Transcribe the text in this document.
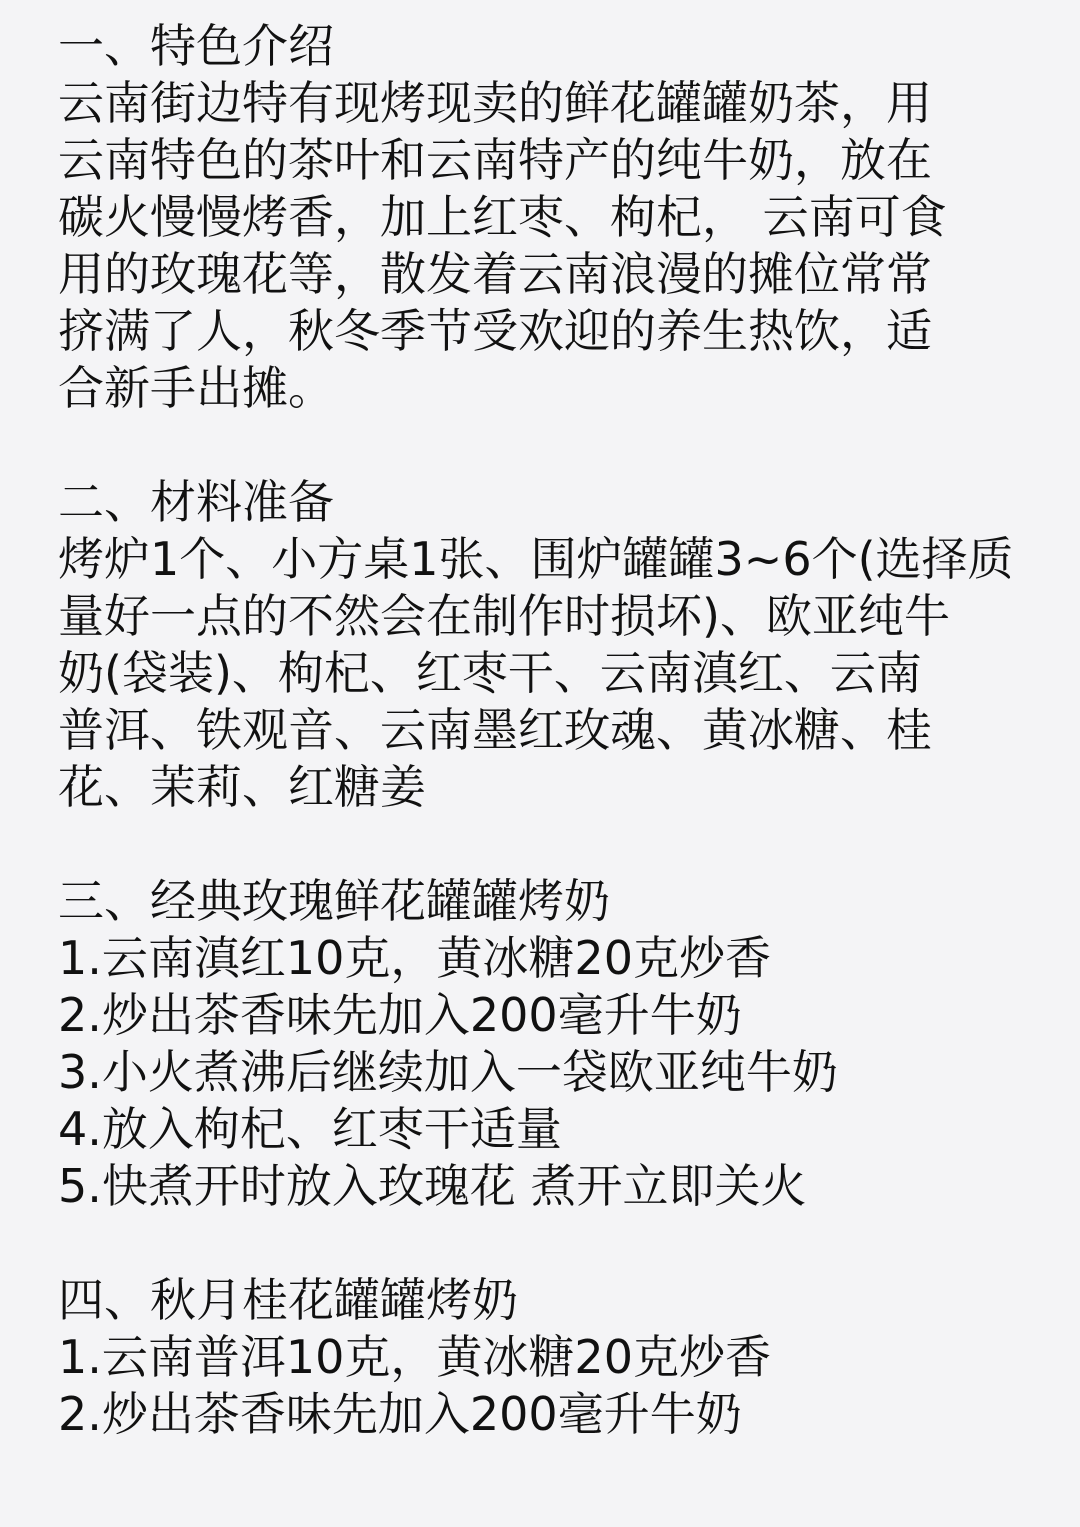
一、特色介绍
云南街边特有现烤现卖的鲜花罐罐奶茶，用
云南特色的茶叶和云南特产的纯牛奶，放在
碳火慢慢烤香，加上红枣、枸杞， 云南可食
用的玫瑰花等，散发着云南浪漫的摊位常常
挤满了人，秋冬季节受欢迎的养生热饮，适
合新手出摊。
二、材料准备
烤炉1个、小方桌1张、围炉罐罐3~6个(选择质
量好一点的不然会在制作时损坏)、欧亚纯牛
奶(袋装)、枸杞、红枣干、云南滇红、云南
普洱、铁观音、云南墨红玫魂、黄冰糖、桂
花、茉莉、红糖姜
三、经典玫瑰鲜花罐罐烤奶
1.云南滇红10克，黄冰糖20克炒香
2.炒出茶香味先加入200毫升牛奶
3.小火煮沸后继续加入一袋欧亚纯牛奶
4.放入枸杞、红枣干适量
5.快煮开时放入玫瑰花 煮开立即关火
四、秋月桂花罐罐烤奶
1.云南普洱10克，黄冰糖20克炒香
2.炒出茶香味先加入200毫升牛奶
